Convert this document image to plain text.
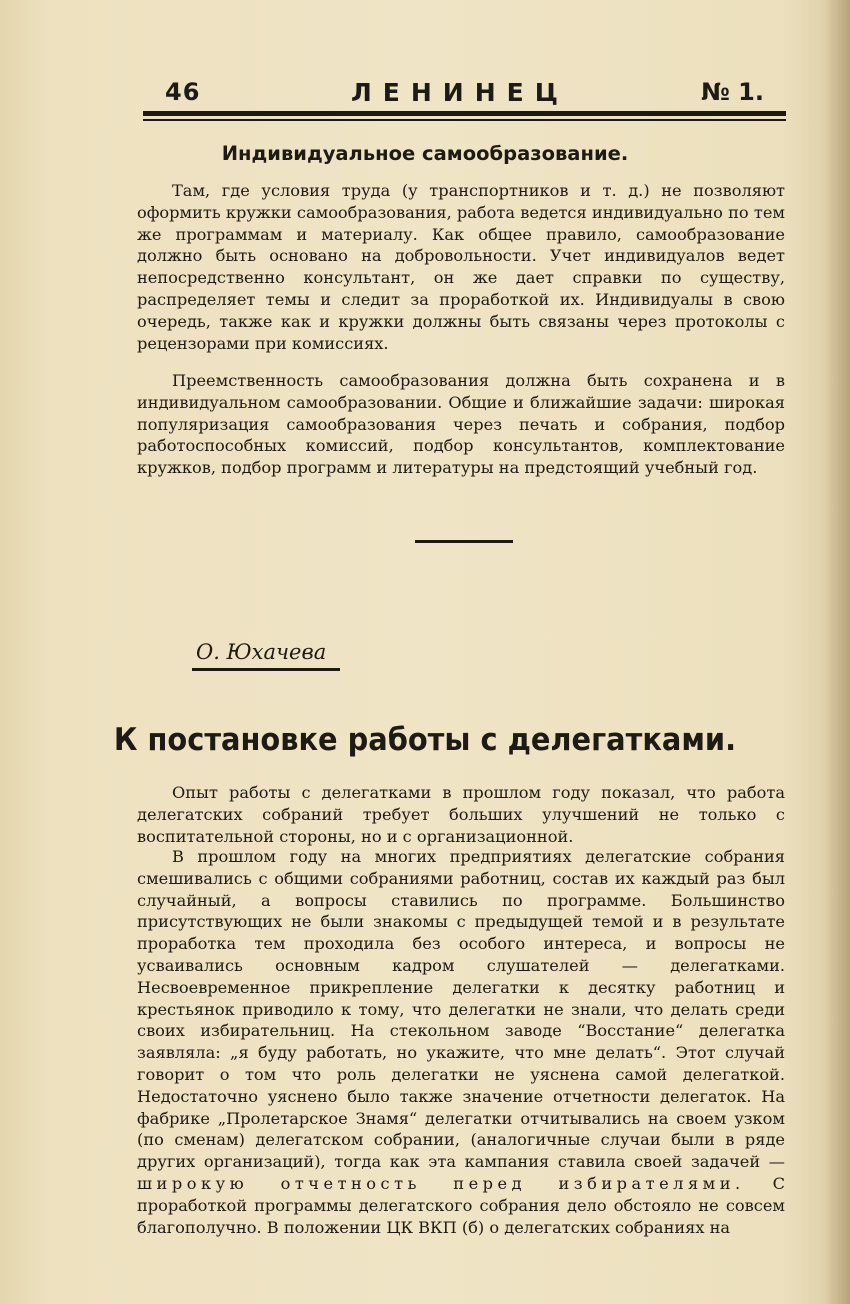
46	ЛЕНИНЕЦ	№ 1.
Индивидуальное самообразование.
Там, где условия труда (у транспортников и т. д.) не позволяют оформить кружки самообразования, работа ведется индивидуально по тем же программам и материалу. Как общее правило, самообразование должно быть основано на добровольности. Учет индивидуалов ведет непосредственно консультант, он же дает справки по существу, распределяет темы и следит за проработкой их. Индивидуалы в свою очередь, также как и кружки должны быть связаны через протоколы с рецензорами при комиссиях.
Преемственность самообразования должна быть сохранена и в индивидуальном самообразовании. Общие и ближайшие задачи: широкая популяризация самообразования через печать и собрания, подбор работоспособных комиссий, подбор консультантов, комплектование кружков, подбор программ и литературы на предстоящий учебный год.
О. Юхачева
К постановке работы с делегатками.
Опыт работы с делегатками в прошлом году показал, что работа делегатских собраний требует больших улучшений не только с воспитательной стороны, но и с организационной.
В прошлом году на многих предприятиях делегатские собрания смешивались с общими собраниями работниц, состав их каждый раз был случайный, а вопросы ставились по программе. Большинство присутствующих не были знакомы с предыдущей темой и в результате проработка тем проходила без особого интереса, и вопросы не усваивались основным кадром слушателей — делегатками. Несвоевременное прикрепление делегатки к десятку работниц и крестьянок приводило к тому, что делегатки не знали, что делать среди своих избирательниц. На стекольном заводе “Восстание“ делегатка заявляла: „я буду работать, но укажите, что мне делать“. Этот случай говорит о том что роль делегатки не уяснена самой делегаткой. Недостаточно уяснено было также значение отчетности делегаток. На фабрике „Пролетарское Знамя“ делегатки отчитывались на своем узком (по сменам) делегатском собрании, (аналогичные случаи были в ряде других организаций), тогда как эта кампания ставила своей задачей — широкую отчетность перед избирателями. С проработкой программы делегатского собрания дело обстояло не совсем благополучно. В положении ЦК ВКП (б) о делегатских собраниях на
